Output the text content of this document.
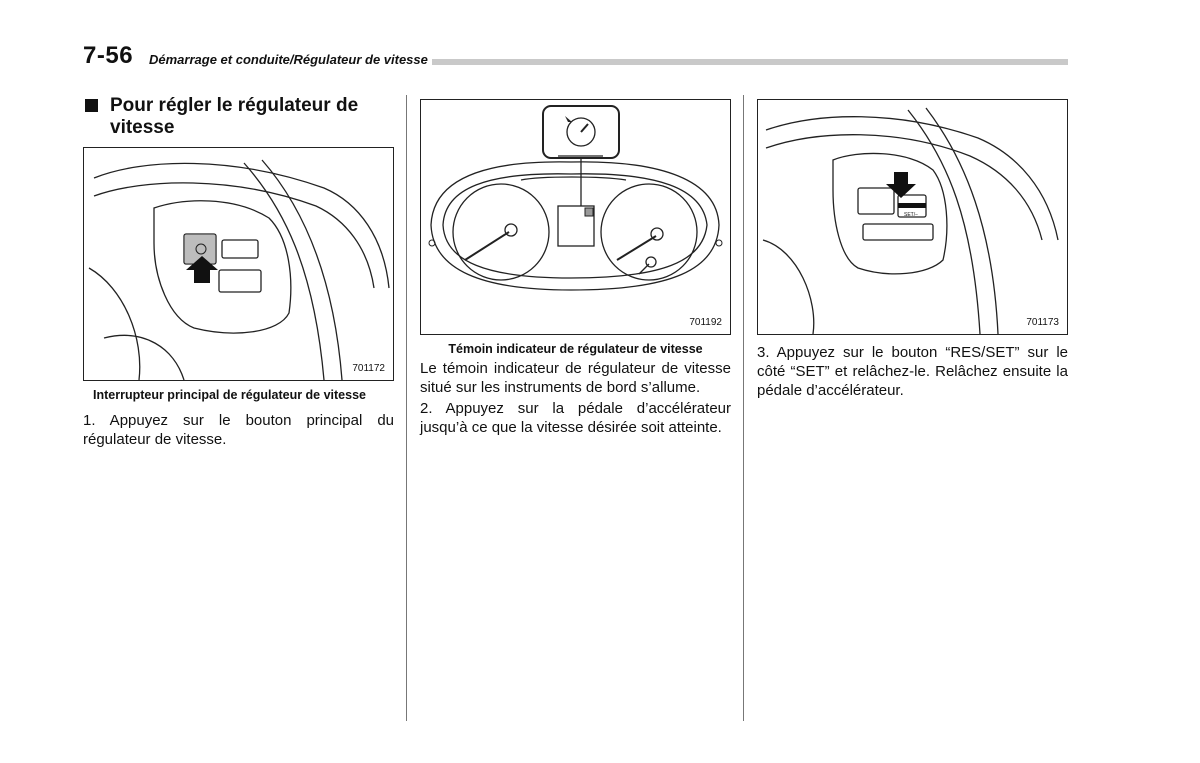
7-56 Démarrage et conduite/Régulateur de vitesse
Pour régler le régulateur de vitesse
701172
Interrupteur principal de régulateur de vitesse

1. Appuyez sur le bouton principal du régulateur de vitesse.

701192
Témoin indicateur de régulateur de vitesse

Le témoin indicateur de régulateur de vitesse situé sur les instruments de bord s’allume.

2. Appuyez sur la pédale d’accélérateur jusqu’à ce que la vitesse désirée soit atteinte.

SET/−
701173

3. Appuyez sur le bouton “RES/SET” sur le côté “SET” et relâchez-le. Relâchez ensuite la pédale d’accélérateur.
